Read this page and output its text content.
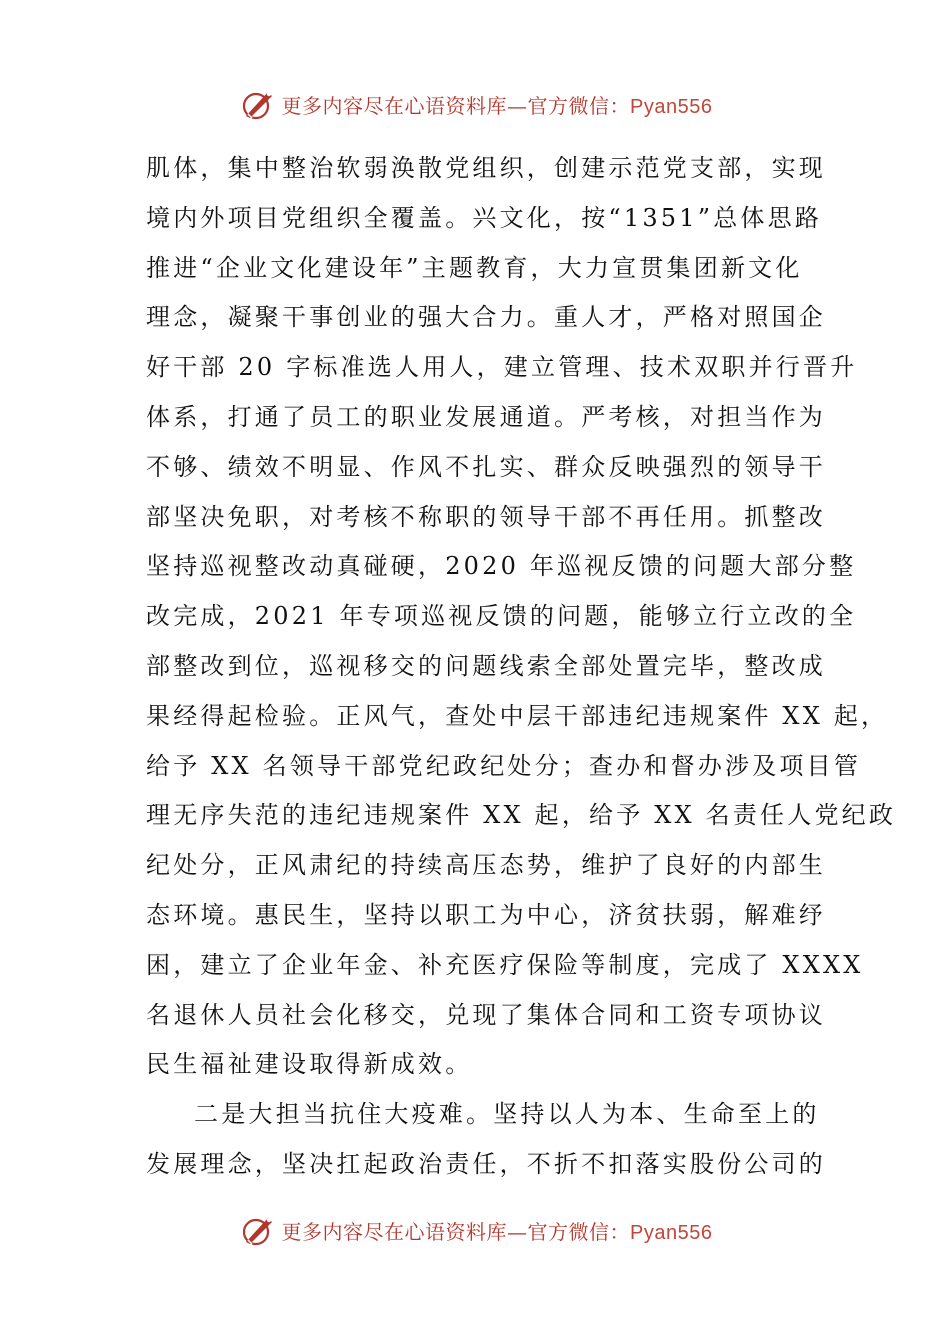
更多内容尽在心语资料库—官方微信：Pyan556
肌体，集中整治软弱涣散党组织，创建示范党支部，实现
境内外项目党组织全覆盖。兴文化，按“1351”总体思路
推进“企业文化建设年”主题教育，大力宣贯集团新文化
理念，凝聚干事创业的强大合力。重人才，严格对照国企
好干部 20 字标准选人用人，建立管理、技术双职并行晋升
体系，打通了员工的职业发展通道。严考核，对担当作为
不够、绩效不明显、作风不扎实、群众反映强烈的领导干
部坚决免职，对考核不称职的领导干部不再任用。抓整改
坚持巡视整改动真碰硬，2020 年巡视反馈的问题大部分整
改完成，2021 年专项巡视反馈的问题，能够立行立改的全
部整改到位，巡视移交的问题线索全部处置完毕，整改成
果经得起检验。正风气，查处中层干部违纪违规案件 XX 起，
给予 XX 名领导干部党纪政纪处分；查办和督办涉及项目管
理无序失范的违纪违规案件 XX 起，给予 XX 名责任人党纪政
纪处分，正风肃纪的持续高压态势，维护了良好的内部生
态环境。惠民生，坚持以职工为中心，济贫扶弱，解难纾
困，建立了企业年金、补充医疗保险等制度，完成了 XXXX
名退休人员社会化移交，兑现了集体合同和工资专项协议
民生福祉建设取得新成效。
二是大担当抗住大疫难。坚持以人为本、生命至上的
发展理念，坚决扛起政治责任，不折不扣落实股份公司的
更多内容尽在心语资料库—官方微信：Pyan556
